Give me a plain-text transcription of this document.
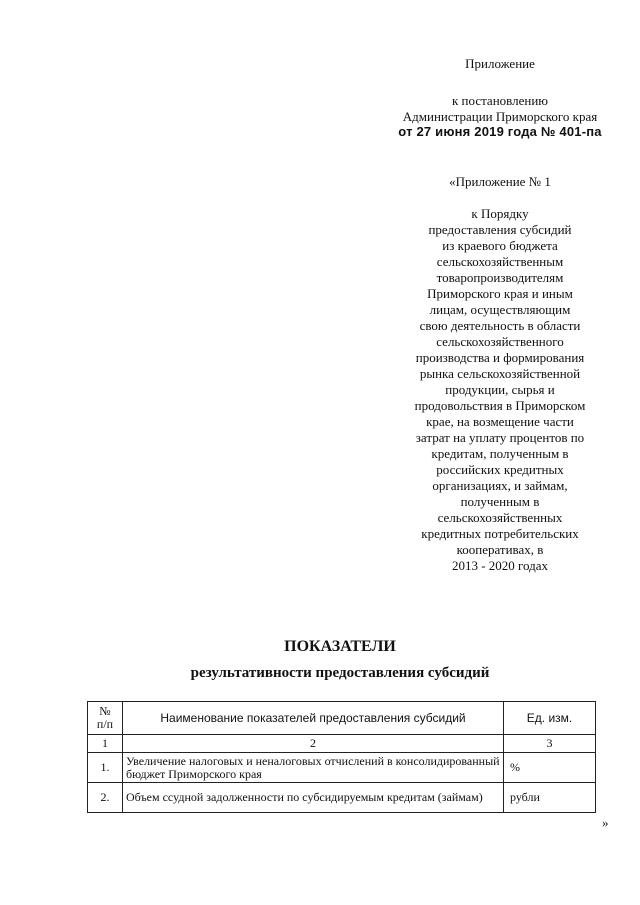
Приложение
к постановлению
Администрации Приморского края
от 27 июня 2019 года № 401-па
«Приложение № 1
к Порядку
предоставления субсидий
из краевого бюджета
сельскохозяйственным
товаропроизводителям
Приморского края и иным
лицам, осуществляющим
свою деятельность в области
сельскохозяйственного
производства и формирования
рынка сельскохозяйственной
продукции, сырья и
продовольствия в Приморском
крае, на возмещение части
затрат на уплату процентов по
кредитам, полученным в
российских кредитных
организациях, и займам,
полученным в
сельскохозяйственных
кредитных потребительских
кооперативах, в
2013 - 2020 годах
ПОКАЗАТЕЛИ
результативности предоставления субсидий
№
п/п	Наименование показателей предоставления субсидий	Ед. изм.
1	2	3
1.	Увеличение налоговых и неналоговых отчислений в консолидированный бюджет Приморского края	%
2.	Объем ссудной задолженности по субсидируемым кредитам (займам)	рубли
»
